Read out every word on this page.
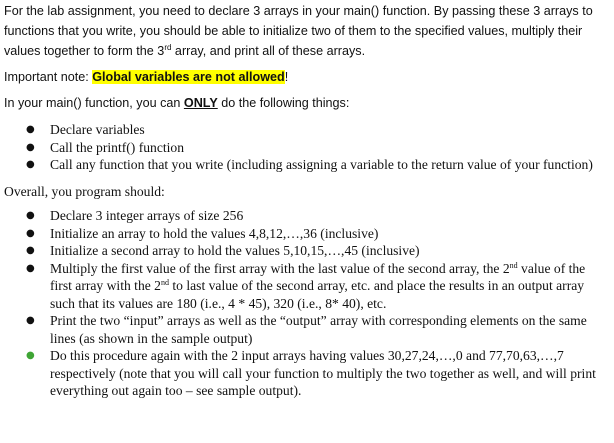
For the lab assignment, you need to declare 3 arrays in your main() function. By passing these 3 arrays to functions that you write, you should be able to initialize two of them to the specified values, multiply their values together to form the 3rd array, and print all of these arrays.

Important note: Global variables are not allowed!

In your main() function, you can ONLY do the following things:

● Declare variables
● Call the printf() function
● Call any function that you write (including assigning a variable to the return value of your function)

Overall, you program should:

● Declare 3 integer arrays of size 256
● Initialize an array to hold the values 4,8,12,…,36 (inclusive)
● Initialize a second array to hold the values 5,10,15,…,45 (inclusive)
● Multiply the first value of the first array with the last value of the second array, the 2nd value of the first array with the 2nd to last value of the second array, etc. and place the results in an output array such that its values are 180 (i.e., 4 * 45), 320 (i.e., 8* 40), etc.
● Print the two “input” arrays as well as the “output” array with corresponding elements on the same lines (as shown in the sample output)
● Do this procedure again with the 2 input arrays having values 30,27,24,…,0 and 77,70,63,…,7 respectively (note that you will call your function to multiply the two together as well, and will print everything out again too – see sample output).
